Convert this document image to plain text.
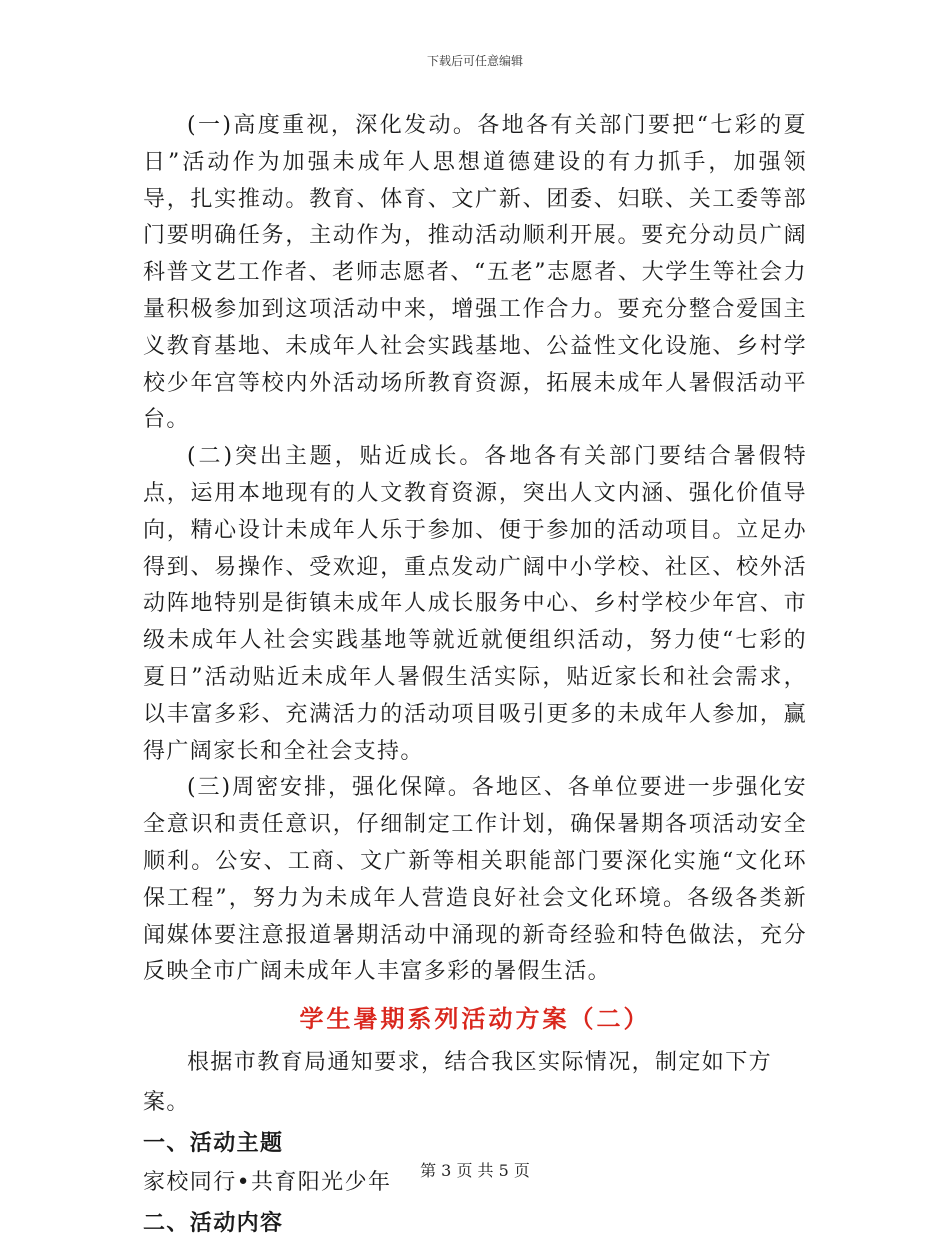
下载后可任意编辑

(一)高度重视，深化发动。各地各有关部门要把“七彩的夏日”活动作为加强未成年人思想道德建设的有力抓手，加强领导，扎实推动。教育、体育、文广新、团委、妇联、关工委等部门要明确任务，主动作为，推动活动顺利开展。要充分动员广阔科普文艺工作者、老师志愿者、“五老”志愿者、大学生等社会力量积极参加到这项活动中来，增强工作合力。要充分整合爱国主义教育基地、未成年人社会实践基地、公益性文化设施、乡村学校少年宫等校内外活动场所教育资源，拓展未成年人暑假活动平台。

(二)突出主题，贴近成长。各地各有关部门要结合暑假特点，运用本地现有的人文教育资源，突出人文内涵、强化价值导向，精心设计未成年人乐于参加、便于参加的活动项目。立足办得到、易操作、受欢迎，重点发动广阔中小学校、社区、校外活动阵地特别是街镇未成年人成长服务中心、乡村学校少年宫、市级未成年人社会实践基地等就近就便组织活动，努力使“七彩的夏日”活动贴近未成年人暑假生活实际，贴近家长和社会需求，以丰富多彩、充满活力的活动项目吸引更多的未成年人参加，赢得广阔家长和全社会支持。

(三)周密安排，强化保障。各地区、各单位要进一步强化安全意识和责任意识，仔细制定工作计划，确保暑期各项活动安全顺利。公安、工商、文广新等相关职能部门要深化实施“文化环保工程”，努力为未成年人营造良好社会文化环境。各级各类新闻媒体要注意报道暑期活动中涌现的新奇经验和特色做法，充分反映全市广阔未成年人丰富多彩的暑假生活。

学生暑期系列活动方案（二）

根据市教育局通知要求，结合我区实际情况，制定如下方案。

一、活动主题

家校同行•共育阳光少年

二、活动内容

第 3 页 共 5 页
